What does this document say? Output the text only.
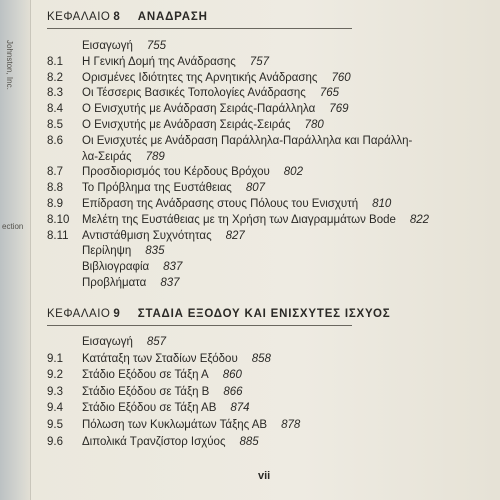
Johnston, Inc.
ection
ΚΕΦΑΛΑΙΟ 8 ΑΝΑΔΡΑΣΗ
Εισαγωγή 755
8.1 Η Γενική Δομή της Ανάδρασης 757
8.2 Ορισμένες Ιδιότητες της Αρνητικής Ανάδρασης 760
8.3 Οι Τέσσερις Βασικές Τοπολογίες Ανάδρασης 765
8.4 Ο Ενισχυτής με Ανάδραση Σειράς-Παράλληλα 769
8.5 Ο Ενισχυτής με Ανάδραση Σειράς-Σειράς 780
8.6 Οι Ενισχυτές με Ανάδραση Παράλληλα-Παράλληλα και Παράλλη-
λα-Σειράς 789
8.7 Προσδιορισμός του Κέρδους Βρόχου 802
8.8 Το Πρόβλημα της Ευστάθειας 807
8.9 Επίδραση της Ανάδρασης στους Πόλους του Ενισχυτή 810
8.10 Μελέτη της Ευστάθειας με τη Χρήση των Διαγραμμάτων Bode 822
8.11 Αντιστάθμιση Συχνότητας 827
Περίληψη 835
Βιβλιογραφία 837
Προβλήματα 837
ΚΕΦΑΛΑΙΟ 9 ΣΤΑΔΙΑ ΕΞΟΔΟΥ ΚΑΙ ΕΝΙΣΧΥΤΕΣ ΙΣΧΥΟΣ
Εισαγωγή 857
9.1 Κατάταξη των Σταδίων Εξόδου 858
9.2 Στάδιο Εξόδου σε Τάξη Α 860
9.3 Στάδιο Εξόδου σε Τάξη Β 866
9.4 Στάδιο Εξόδου σε Τάξη ΑΒ 874
9.5 Πόλωση των Κυκλωμάτων Τάξης ΑΒ 878
9.6 Διπολικά Τρανζίστορ Ισχύος 885
vii
